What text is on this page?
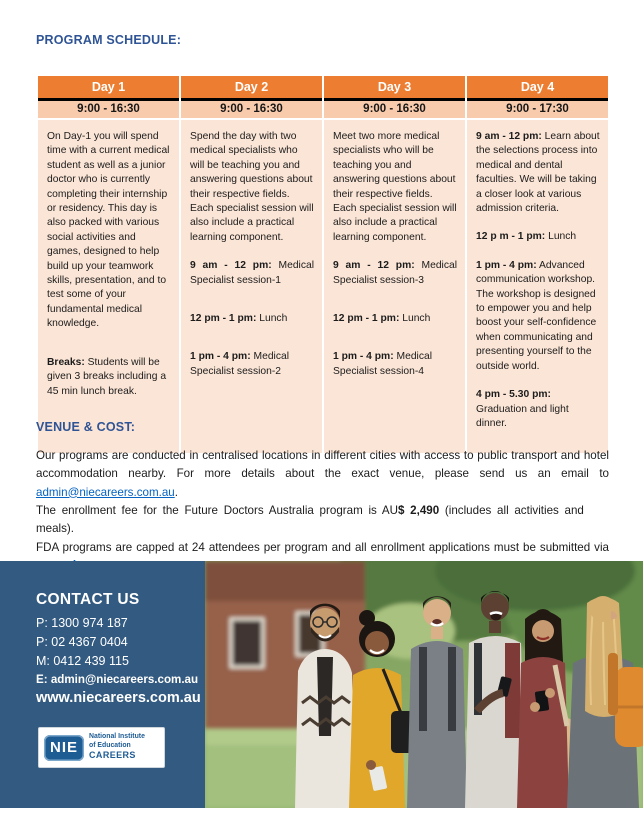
PROGRAM SCHEDULE:
Day 1
9:00 - 16:30

On Day-1 you will spend time with a current medical student as well as a junior doctor who is currently completing their internship or residency. This day is also packed with various social activities and games, designed to help build up your teamwork skills, presentation, and to test some of your fundamental medical knowledge.

Breaks: Students will be given 3 breaks including a 45 min lunch break.

Day 2
9:00 - 16:30

Spend the day with two medical specialists who will be teaching you and answering questions about their respective fields. Each specialist session will also include a practical learning component.

9 am - 12 pm: Medical Specialist session-1

12 pm - 1 pm: Lunch

1 pm - 4 pm: Medical Specialist session-2

Day 3
9:00 - 16:30

Meet two more medical specialists who will be teaching you and answering questions about their respective fields. Each specialist session will also include a practical learning component.

9 am - 12 pm: Medical Specialist session-3

12 pm - 1 pm: Lunch

1 pm - 4 pm: Medical Specialist session-4

Day 4
9:00 - 17:30

9 am - 12 pm: Learn about the selections process into medical and dental faculties. We will be taking a closer look at various admission criteria.

12 p m - 1 pm: Lunch

1 pm - 4 pm: Advanced communication workshop. The workshop is designed to empower you and help boost your self-confidence when communicating and presenting yourself to the outside world.

4 pm - 5.30 pm: Graduation and light dinner.

VENUE & COST:
Our programs are conducted in centralised locations in different cities with access to public transport and hotel
accommodation nearby. For more details about the exact venue, please send us an email to admin@niecareers.com.au.
The enrollment fee for the Future Doctors Australia program is AU$ 2,490 (includes all activities and meals).
FDA programs are capped at 24 attendees per program and all enrollment applications must be submitted via

CONTACT US

P: 1300 974 187

P: 02 4367 0404

M: 0412 439 115

E: admin@niecareers.com.au

www.niecareers.com.au

NIE
National Institute
of Education
CAREERS
